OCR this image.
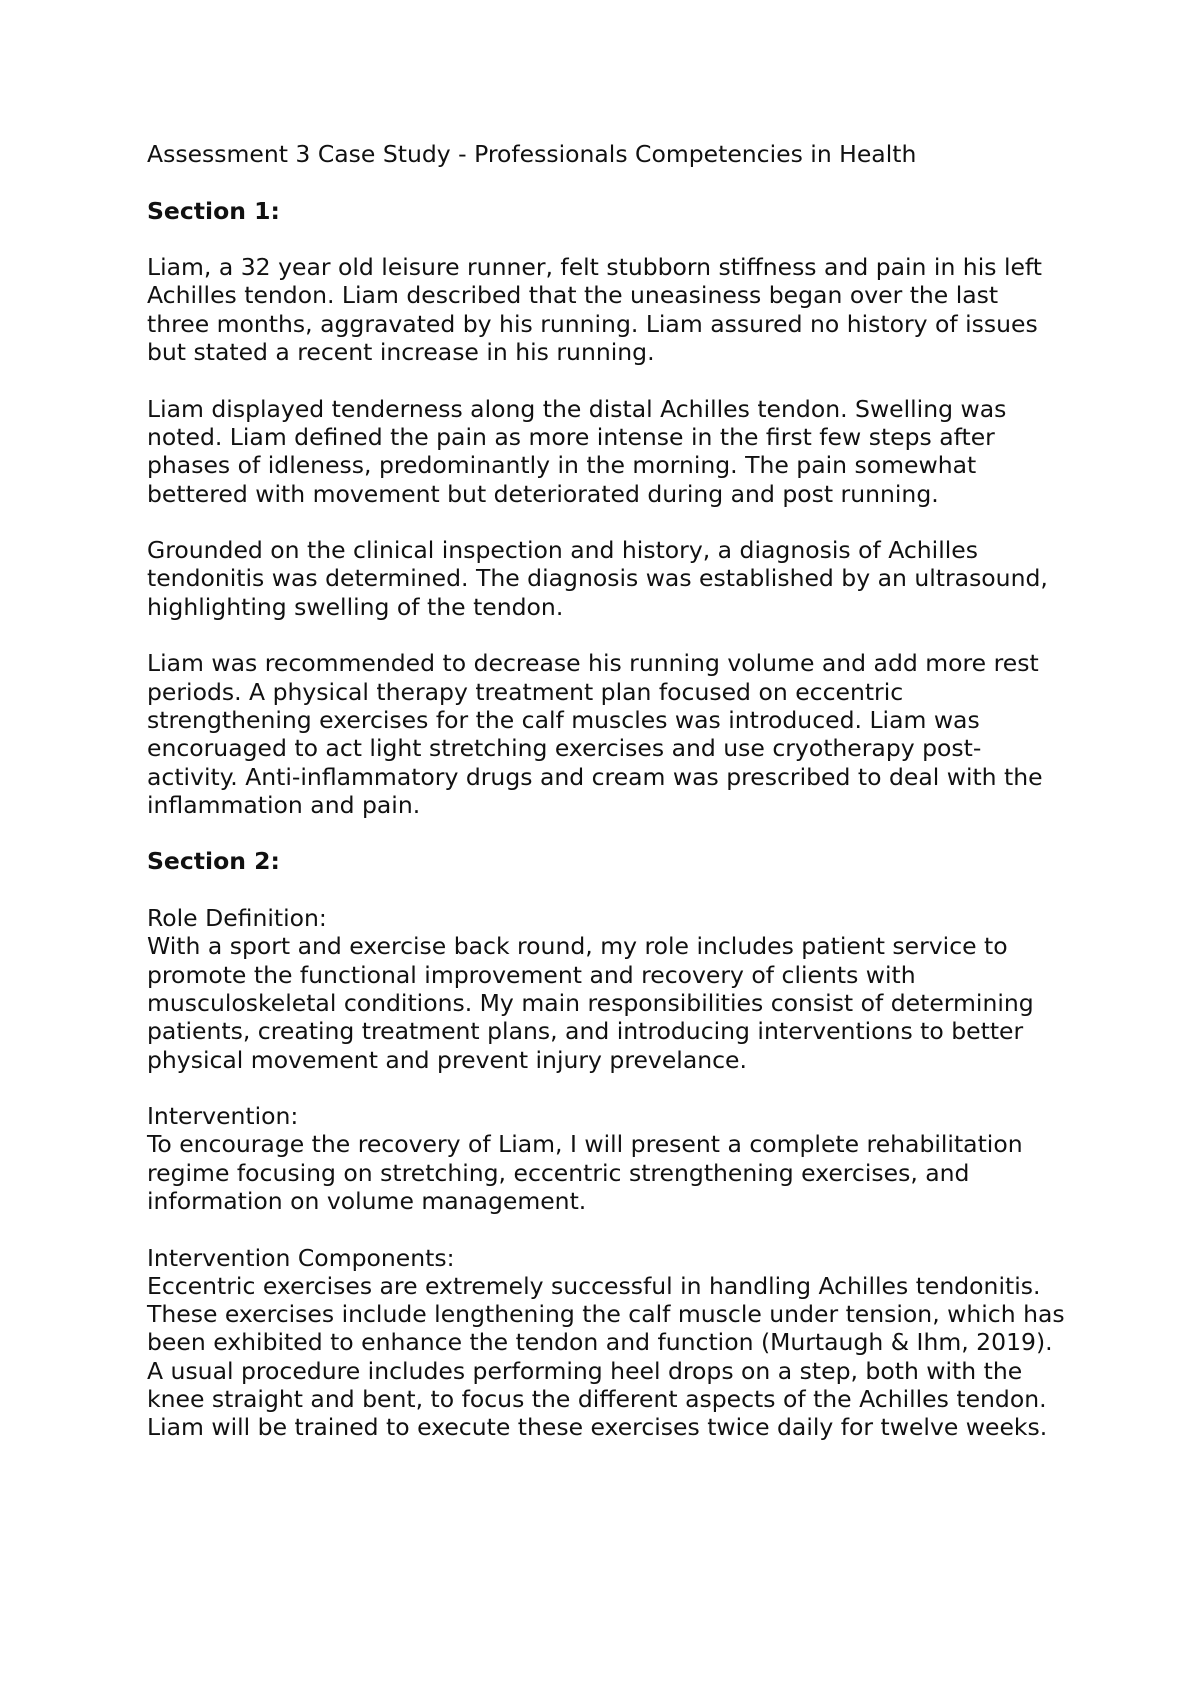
Assessment 3 Case Study - Professionals Competencies in Health

Section 1:

Liam, a 32 year old leisure runner, felt stubborn stiffness and pain in his left Achilles tendon. Liam described that the uneasiness began over the last three months, aggravated by his running. Liam assured no history of issues but stated a recent increase in his running.

Liam displayed tenderness along the distal Achilles tendon. Swelling was noted. Liam defined the pain as more intense in the first few steps after phases of idleness, predominantly in the morning. The pain somewhat bettered with movement but deteriorated during and post running.

Grounded on the clinical inspection and history, a diagnosis of Achilles tendonitis was determined. The diagnosis was established by an ultrasound, highlighting swelling of the tendon.

Liam was recommended to decrease his running volume and add more rest periods. A physical therapy treatment plan focused on eccentric strengthening exercises for the calf muscles was introduced. Liam was encoruaged to act light stretching exercises and use cryotherapy post-activity. Anti-inflammatory drugs and cream was prescribed to deal with the inflammation and pain.

Section 2:

Role Definition:

With a sport and exercise back round, my role includes patient service to promote the functional improvement and recovery of clients with musculoskeletal conditions. My main responsibilities consist of determining patients, creating treatment plans, and introducing interventions to better physical movement and prevent injury prevelance.

Intervention:

To encourage the recovery of Liam, I will present a complete rehabilitation regime focusing on stretching, eccentric strengthening exercises, and information on volume management.

Intervention Components:

Eccentric exercises are extremely successful in handling Achilles tendonitis. These exercises include lengthening the calf muscle under tension, which has been exhibited to enhance the tendon and function (Murtaugh & Ihm, 2019). A usual procedure includes performing heel drops on a step, both with the knee straight and bent, to focus the different aspects of the Achilles tendon. Liam will be trained to execute these exercises twice daily for twelve weeks.
